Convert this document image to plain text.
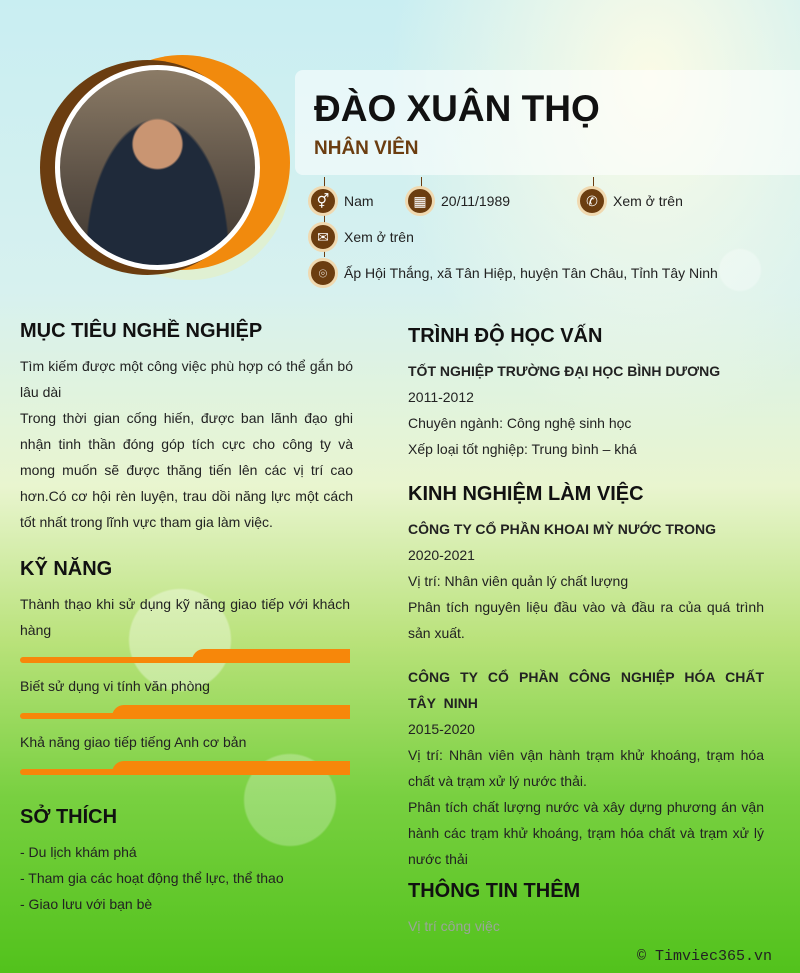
ĐÀO XUÂN THỌ
NHÂN VIÊN
⚥	Nam	▦	20/11/1989	✆	Xem ở trên
✉	Xem ở trên
⌾	Ấp Hội Thắng, xã Tân Hiệp, huyện Tân Châu, Tỉnh Tây Ninh
MỤC TIÊU NGHỀ NGHIỆP
Tìm kiếm được một công việc phù hợp có thể gắn bó lâu dài
Trong thời gian cống hiến, được ban lãnh đạo ghi nhận tinh thần đóng góp tích cực cho công ty và mong muốn sẽ được thăng tiến lên các vị trí cao hơn.Có cơ hội rèn luyện, trau dồi năng lực một cách tốt nhất trong lĩnh vực tham gia làm việc.
KỸ NĂNG
Thành thạo khi sử dụng kỹ năng giao tiếp với khách hàng
Biết sử dụng vi tính văn phòng
Khả năng giao tiếp tiếng Anh cơ bản
SỞ THÍCH
- Du lịch khám phá
- Tham gia các hoạt động thể lực, thể thao
- Giao lưu với bạn bè
TRÌNH ĐỘ HỌC VẤN
TỐT NGHIỆP TRƯỜNG ĐẠI HỌC BÌNH DƯƠNG
2011-2012
Chuyên ngành: Công nghệ sinh học
Xếp loại tốt nghiệp: Trung bình – khá
KINH NGHIỆM LÀM VIỆC
CÔNG TY CỔ PHẦN KHOAI MỲ NƯỚC TRONG
2020-2021
Vị trí: Nhân viên quản lý chất lượng
Phân tích nguyên liệu đầu vào và đầu ra của quá trình sản xuất.
CÔNG TY CỔ PHẦN CÔNG NGHIỆP HÓA CHẤT TÂY NINH
2015-2020
Vị trí: Nhân viên vận hành trạm khử khoáng, trạm hóa chất và trạm xử lý nước thải.
Phân tích chất lượng nước và xây dựng phương án vận hành các trạm khử khoáng, trạm hóa chất và trạm xử lý nước thải
THÔNG TIN THÊM
Vị trí công việc
© Timviec365.vn
